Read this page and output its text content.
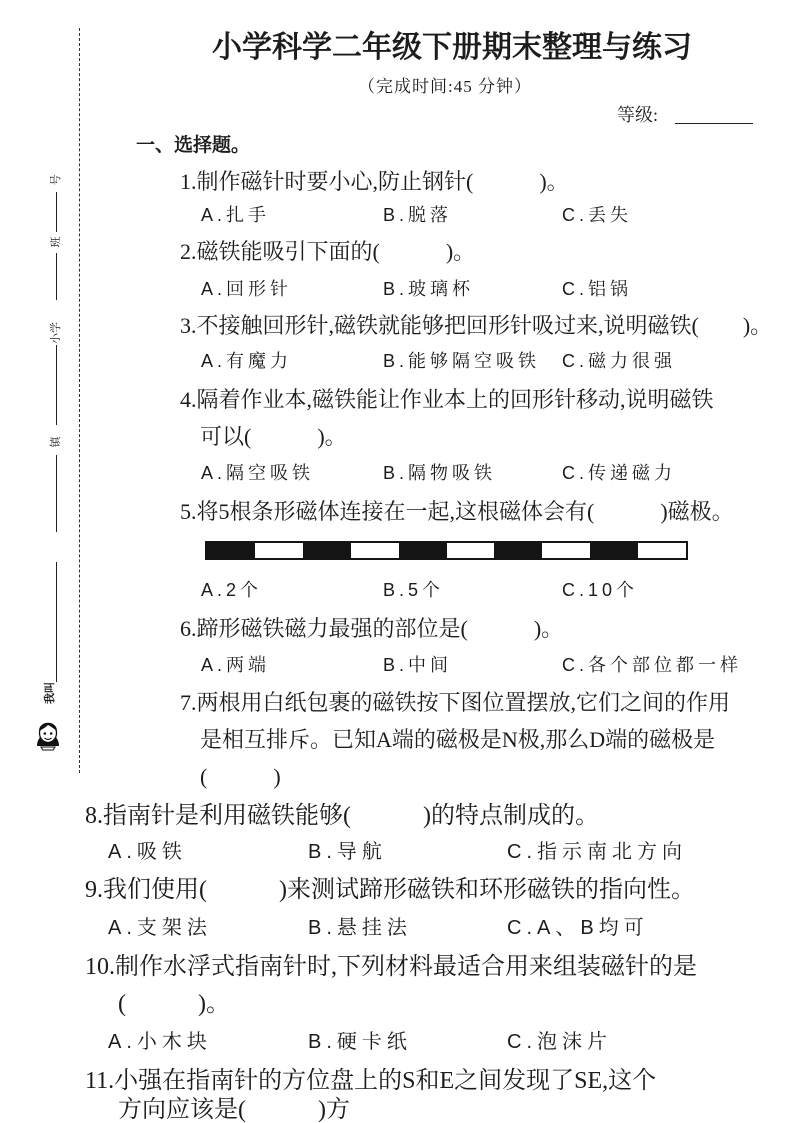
号
班
小学
镇
我叫
小学科学二年级下册期末整理与练习
（完成时间:45 分钟）
等级:
一、选择题。
1.制作磁针时要小心,防止钢针(　　　)。
A.扎手	B.脱落	C.丢失
2.磁铁能吸引下面的(　　　)。
A.回形针	B.玻璃杯	C.铝锅
3.不接触回形针,磁铁就能够把回形针吸过来,说明磁铁(　　)。
A.有魔力	B.能够隔空吸铁 C.磁力很强
4.隔着作业本,磁铁能让作业本上的回形针移动,说明磁铁
可以(　　　)。
A.隔空吸铁	B.隔物吸铁	C.传递磁力
5.将5根条形磁体连接在一起,这根磁体会有(　　　)磁极。
A.2个	B.5个	C.10个
6.蹄形磁铁磁力最强的部位是(　　　)。
A.两端	B.中间	C.各个部位都一样
7.两根用白纸包裹的磁铁按下图位置摆放,它们之间的作用
是相互排斥。已知A端的磁极是N极,那么D端的磁极是
(　　　)
8.指南针是利用磁铁能够(　　　)的特点制成的。
A.吸铁	B.导航	C.指示南北方向
9.我们使用(　　　)来测试蹄形磁铁和环形磁铁的指向性。
A.支架法	B.悬挂法	C.A、B均可
10.制作水浮式指南针时,下列材料最适合用来组装磁针的是
(　　　)。
A.小木块	B.硬卡纸	C.泡沫片
11.小强在指南针的方位盘上的S和E之间发现了SE,这个
方向应该是(　　　)方
